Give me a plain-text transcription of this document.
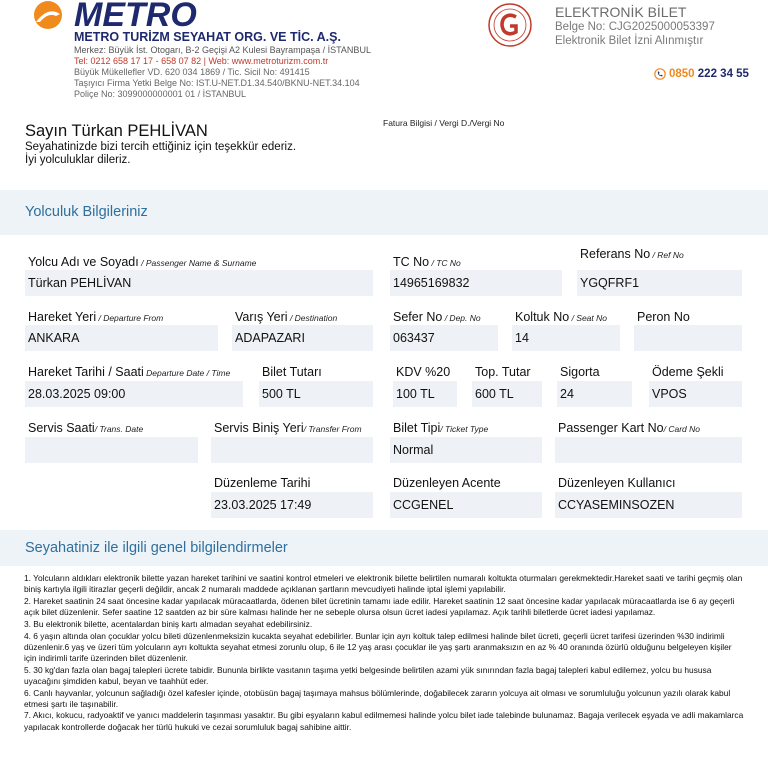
METRO
METRO TURİZM SEYAHAT ORG. VE TİC. A.Ş.
Merkez: Büyük İst. Otogarı, B-2 Geçişi A2 Kulesi Bayrampaşa / İSTANBUL
Tel: 0212 658 17 17 - 658 07 82 | Web: www.metroturizm.com.tr
Büyük Mükellefler VD. 620 034 1869 / Tic. Sicil No: 491415
Taşıyıcı Firma Yetki Belge No: IST.U-NET.D1.34.540/BKNU-NET.34.104
Poliçe No: 3099000000001 01 / İSTANBUL
ELEKTRONİK BİLET
Belge No: CJG2025000053397
Elektronik Bilet İzni Alınmıştır
0850 222 34 55
Sayın Türkan PEHLİVAN
Seyahatinizde bizi tercih ettiğiniz için teşekkür ederiz.
İyi yolculuklar dileriz.
Fatura Bilgisi / Vergi D./Vergi No
Yolculuk Bilgileriniz
Yolcu Adı ve Soyadı / Passenger Name & Surname
Türkan PEHLİVAN
TC No / TC No
14965169832
Referans No / Ref No
YGQFRF1
Hareket Yeri / Departure From
ANKARA
Varış Yeri / Destination
ADAPAZARI
Sefer No / Dep. No
063437
Koltuk No / Seat No
14
Peron No
Hareket Tarihi / Saati Departure Date / Time
28.03.2025 09:00
Bilet Tutarı
500 TL
KDV %20
100 TL
Top. Tutar
600 TL
Sigorta
24
Ödeme Şekli
VPOS
Servis Saati/ Trans. Date	Servis Biniş Yeri/ Transfer From	Bilet Tipi/ Ticket Type
Normal
Passenger Kart No/ Card No
Düzenleme Tarihi
23.03.2025 17:49
Düzenleyen Acente
CCGENEL
Düzenleyen Kullanıcı
CCYASEMINSOZEN
Seyahatiniz ile ilgili genel bilgilendirmeler

1. Yolcuların aldıkları elektronik bilette yazan hareket tarihini ve saatini kontrol etmeleri ve elektronik bilette belirtilen numaralı koltukta oturmaları gerekmektedir.Hareket saati ve tarihi geçmiş olan biniş kartıyla ilgili itirazlar geçerli değildir, ancak 2 numaralı maddede açıklanan şartların mevcudiyeti halinde iptal işlemi yapılabilir.

2. Hareket saatinin 24 saat öncesine kadar yapılacak müracaatlarda, ödenen bilet ücretinin tamamı iade edilir. Hareket saatinin 12 saat öncesine kadar yapılacak müracaatlarda ise 6 ay geçerli açık bilet düzenlenir. Sefer saatine 12 saatden az bir süre kalması halinde her ne sebeple olursa olsun ücret iadesi yapılamaz. Açık tarihli biletlerde ücret iadesi yapılamaz.

3. Bu elektronik bilette, acentalardan biniş kartı almadan seyahat edebilirsiniz.

4. 6 yaşın altında olan çocuklar yolcu bileti düzenlenmeksizin kucakta seyahat edebilirler. Bunlar için ayrı koltuk talep edilmesi halinde bilet ücreti, geçerli ücret tarifesi üzerinden %30 indirimli düzenlenir.6 yaş ve üzeri tüm yolcuların ayrı koltukta seyahat etmesi zorunlu olup, 6 ile 12 yaş arası çocuklar ile yaş şartı aranmaksızın en az % 40 oranında özürlü olduğunu belgeleyen kişiler için indirimli tarife üzerinden bilet düzenlenir.

5. 30 kg'dan fazla olan bagaj talepleri ücrete tabidir. Bununla birlikte vasıtanın taşıma yetki belgesinde belirtilen azami yük sınırından fazla bagaj talepleri kabul edilemez, yolcu bu hususa uyacağını şimdiden kabul, beyan ve taahhüt eder.

6. Canlı hayvanlar, yolcunun sağladığı özel kafesler içinde, otobüsün bagaj taşımaya mahsus bölümlerinde, doğabilecek zararın yolcuya ait olması ve sorumluluğu yolcunun yazılı olarak kabul etmesi şartı ile taşınabilir.

7. Akıcı, kokucu, radyoaktif ve yanıcı maddelerin taşınması yasaktır. Bu gibi eşyaların kabul edilmemesi halinde yolcu bilet iade talebinde bulunamaz. Bagaja verilecek eşyada ve adli makamlarca yapılacak kontrollerde doğacak her türlü hukuki ve cezai sorumluluk bagaj sahibine aittir.
